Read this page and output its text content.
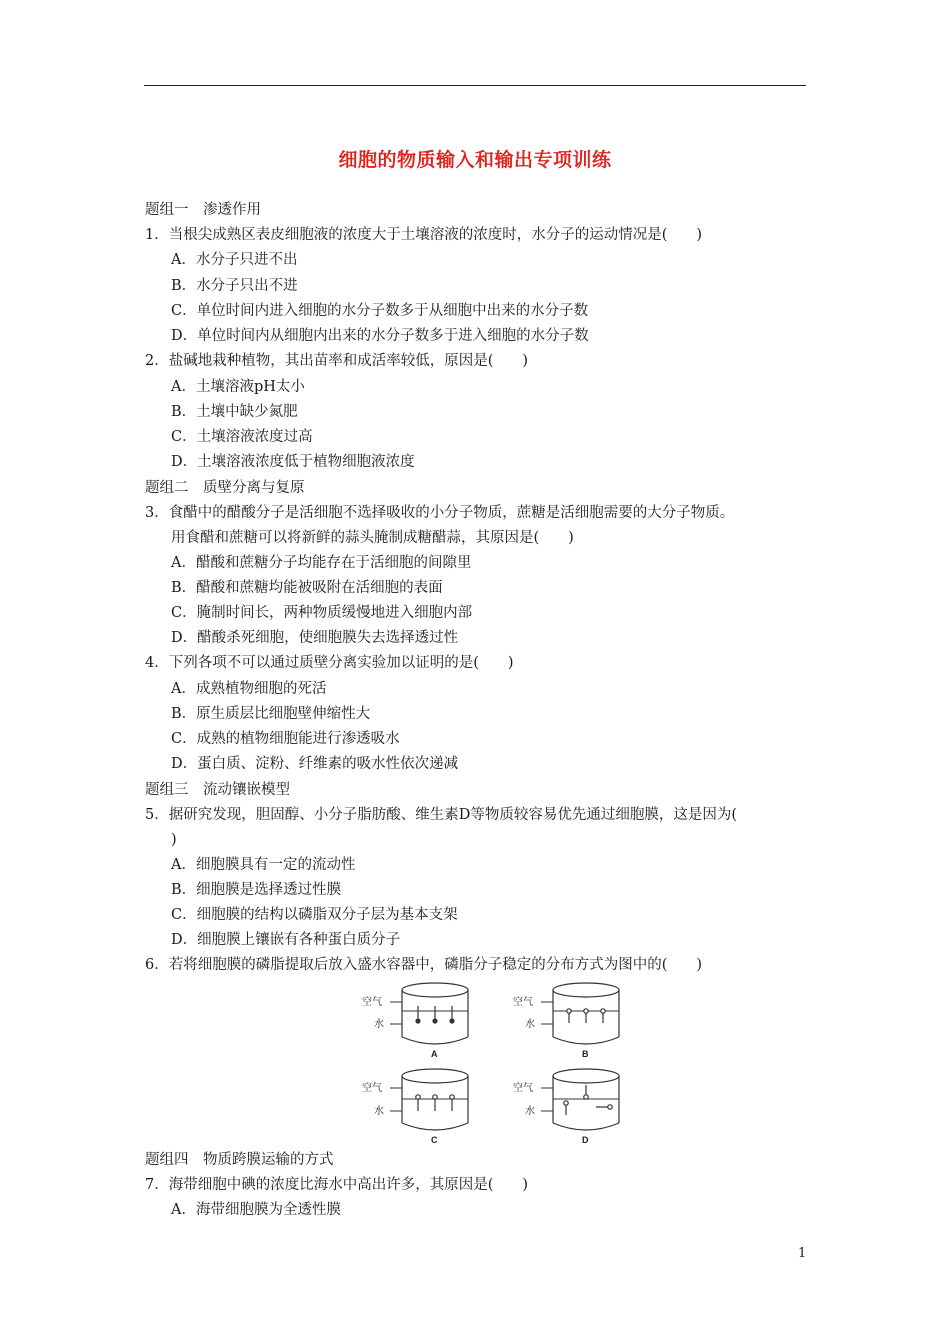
细胞的物质输入和输出专项训练
题组一　渗透作用
1．当根尖成熟区表皮细胞液的浓度大于土壤溶液的浓度时，水分子的运动情况是(　　)
A．水分子只进不出
B．水分子只出不进
C．单位时间内进入细胞的水分子数多于从细胞中出来的水分子数
D．单位时间内从细胞内出来的水分子数多于进入细胞的水分子数
2．盐碱地栽种植物，其出苗率和成活率较低，原因是(　　)
A．土壤溶液pH太小
B．土壤中缺少氮肥
C．土壤溶液浓度过高
D．土壤溶液浓度低于植物细胞液浓度
题组二　质壁分离与复原
3．食醋中的醋酸分子是活细胞不选择吸收的小分子物质，蔗糖是活细胞需要的大分子物质。
用食醋和蔗糖可以将新鲜的蒜头腌制成糖醋蒜，其原因是(　　)
A．醋酸和蔗糖分子均能存在于活细胞的间隙里
B．醋酸和蔗糖均能被吸附在活细胞的表面
C．腌制时间长，两种物质缓慢地进入细胞内部
D．醋酸杀死细胞，使细胞膜失去选择透过性
4．下列各项不可以通过质壁分离实验加以证明的是(　　)
A．成熟植物细胞的死活
B．原生质层比细胞壁伸缩性大
C．成熟的植物细胞能进行渗透吸水
D．蛋白质、淀粉、纤维素的吸水性依次递减
题组三　流动镶嵌模型
5．据研究发现，胆固醇、小分子脂肪酸、维生素D等物质较容易优先通过细胞膜，这是因为(
)
A．细胞膜具有一定的流动性
B．细胞膜是选择透过性膜
C．细胞膜的结构以磷脂双分子层为基本支架
D．细胞膜上镶嵌有各种蛋白质分子
6．若将细胞膜的磷脂提取后放入盛水容器中，磷脂分子稳定的分布方式为图中的(　　)
题组四　物质跨膜运输的方式
7．海带细胞中碘的浓度比海水中高出许多，其原因是(　　)
A．海带细胞膜为全透性膜
空气
水
A
空气
水
B
空气
水
C
空气
水
D
1
